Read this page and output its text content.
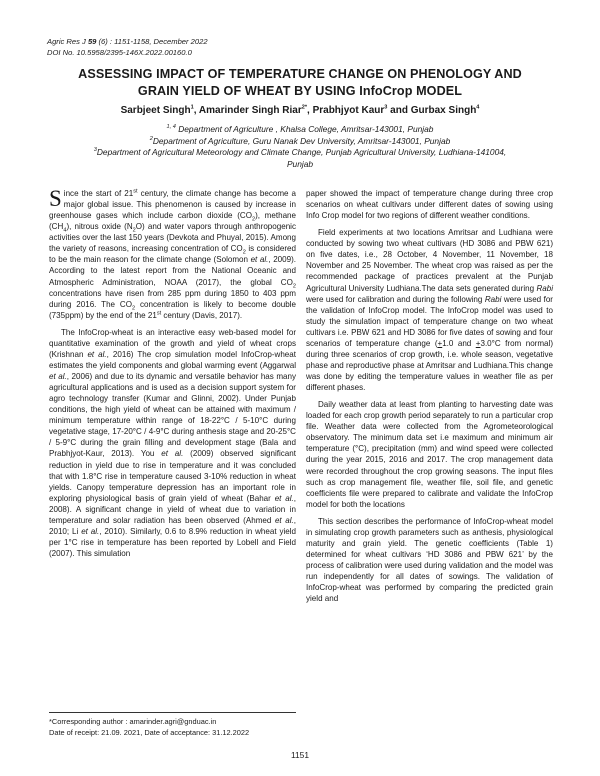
Agric Res J 59 (6) : 1151-1158, December 2022
DOI No. 10.5958/2395-146X.2022.00160.0
ASSESSING IMPACT OF TEMPERATURE CHANGE ON PHENOLOGY AND
GRAIN YIELD OF WHEAT BY USING InfoCrop MODEL
Sarbjeet Singh$^1$, Amarinder Singh Riar$^{2*}$, Prabhjyot Kaur$^3$ and Gurbax Singh$^4$
$^{1, 4}$ Department of Agriculture , Khalsa College, Amritsar-143001, Punjab
$^2$Department of Agriculture, Guru Nanak Dev University, Amritsar-143001, Punjab
$^3$Department of Agricultural Meteorology and Climate Change, Punjab Agricultural University, Ludhiana-141004,
Punjab

Since the start of 21st century, the climate change has become a major global issue. This phenomenon is caused by increase in greenhouse gases which include carbon dioxide $(CO_2)$, methane $(CH_4)$, nitrous oxide $(N_2O)$ and water vapors through anthropogenic activities over the last 150 years (Devkota and Phuyal, 2015). Among the variety of reasons, increasing concentration of $CO_2$ is considered to be the main reason for the climate change (Solomon et al., 2009). According to the latest report from the National Oceanic and Atmospheric Administration, NOAA (2017), the global $CO_2$ concentrations have risen from 285 ppm during 1850 to 403 ppm during 2016. The $CO_2$ concentration is likely to become double (735ppm) by the end of the 21st century (Davis, 2017).

The InfoCrop-wheat is an interactive easy web-based model for quantitative examination of the growth and yield of wheat crops (Krishnan et al., 2016) The crop simulation model InfoCrop-wheat estimates the yield components and global warming event (Aggarwal et al., 2006) and due to its dynamic and versatile behavior has many agricultural applications and is used as a decision support system for agro technology transfer (Kumar and Glinni, 2002). Under Punjab conditions, the high yield of wheat can be attained with maximum / minimum temperature within range of 18-22°C / 5-10°C during vegetative stage, 17-20°C / 4-9°C during anthesis stage and 20-25°C / 5-9°C during the grain filling and development stage (Bala and Prabhjyot-Kaur, 2013). You et al. (2009) observed significant reduction in yield due to rise in temperature and it was concluded that with 1.8°C rise in temperature caused 3-10% reduction in wheat yields. Canopy temperature depression has an important role in exploring physiological basis of grain yield of wheat (Bahar et al., 2008). A significant change in yield of wheat due to variation in temperature and solar radiation has been observed (Ahmed et al., 2010; Li et al., 2010). Similarly, 0.6 to 8.9% reduction in wheat yield per 1°C rise in temperature has been reported by Lobell and Field (2007). This simulation

paper showed the impact of temperature change during three crop scenarios on wheat cultivars under different dates of sowing using Info Crop model for two regions of different weather conditions.

Field experiments at two locations Amritsar and Ludhiana were conducted by sowing two wheat cultivars (HD 3086 and PBW 621) on five dates, i.e., 28 October, 4 November, 11 November, 18 November and 25 November. The wheat crop was raised as per the recommended package of practices prevalent at the Punjab Agricultural University Ludhiana.The data sets generated during Rabi were used for calibration and during the following Rabi were used for the validation of InfoCrop model. The InfoCrop model was used to study the simulation impact of temperature change on two wheat cultivars i.e. PBW 621 and HD 3086 for five dates of sowing and four scenarios of temperature change (+1.0 and +3.0°C from normal) during three scenarios of crop growth, i.e. whole season, vegetative phase and reproductive phase at Amritsar and Ludhiana.This change was done by editing the temperature values in weather file as per different phases.

Daily weather data at least from planting to harvesting date was loaded for each crop growth period separately to run a particular crop file. Weather data were collected from the Agrometeorological observatory. The minimum data set i.e maximum and minimum air temperature (°C), precipitation (mm) and wind speed were collected during the year 2015, 2016 and 2017. The crop management data were recorded throughout the crop growing seasons. The input files such as crop management file, weather file, soil file, and genetic coefficients file were prepared to calibrate and validate the InfoCrop model for both the locations

This section describes the performance of InfoCrop-wheat model in simulating crop growth parameters such as anthesis, physiological maturity and grain yield. The genetic coefficients (Table 1) determined for wheat cultivars ‘HD 3086 and PBW 621’ by the process of calibration were used during validation and the model was run independently for all dates of sowings. The validation of InfoCrop-wheat was performed by comparing the predicted grain yield and

*Corresponding author : amarinder.agri@gnduac.in
Date of receipt: 21.09. 2021, Date of acceptance: 31.12.2022
1151
